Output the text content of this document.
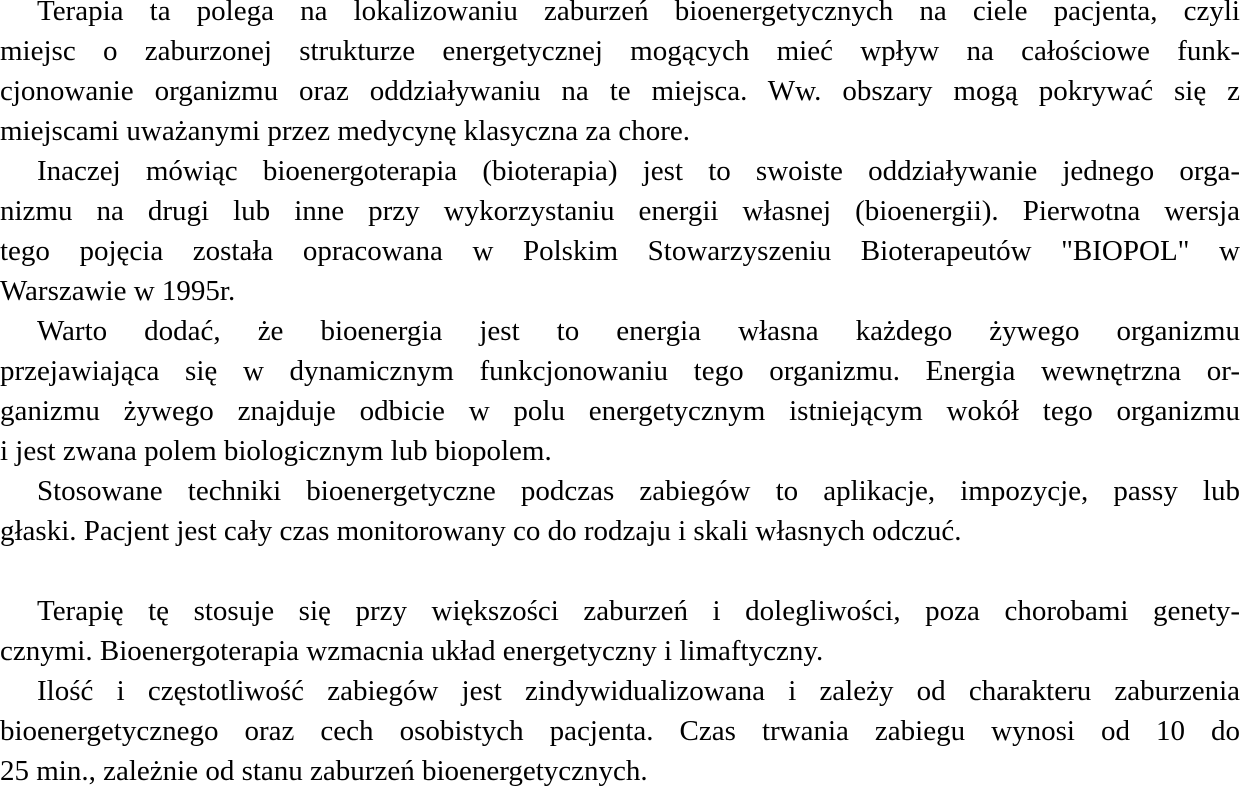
Terapia ta polega na lokalizowaniu zaburzeń bioenergetycznych na ciele pacjenta, czyli
miejsc o zaburzonej strukturze energetycznej mogących mieć wpływ na całościowe funk-
cjonowanie organizmu oraz oddziaływaniu na te miejsca. Ww. obszary mogą pokrywać się z
miejscami uważanymi przez medycynę klasyczna za chore.
Inaczej mówiąc bioenergoterapia (bioterapia) jest to swoiste oddziaływanie jednego orga-
nizmu na drugi lub inne przy wykorzystaniu energii własnej (bioenergii). Pierwotna wersja
tego pojęcia została opracowana w Polskim Stowarzyszeniu Bioterapeutów "BIOPOL" w
Warszawie w 1995r.
Warto dodać, że bioenergia jest to energia własna każdego żywego organizmu
przejawiająca się w dynamicznym funkcjonowaniu tego organizmu. Energia wewnętrzna or-
ganizmu żywego znajduje odbicie w polu energetycznym istniejącym wokół tego organizmu
i jest zwana polem biologicznym lub biopolem.
Stosowane techniki bioenergetyczne podczas zabiegów to aplikacje, impozycje, passy lub
głaski. Pacjent jest cały czas monitorowany co do rodzaju i skali własnych odczuć.
Terapię tę stosuje się przy większości zaburzeń i dolegliwości, poza chorobami genety-
cznymi. Bioenergoterapia wzmacnia układ energetyczny i limaftyczny.
Ilość i częstotliwość zabiegów jest zindywidualizowana i zależy od charakteru zaburzenia
bioenergetycznego oraz cech osobistych pacjenta. Czas trwania zabiegu wynosi od 10 do
25 min., zależnie od stanu zaburzeń bioenergetycznych.
